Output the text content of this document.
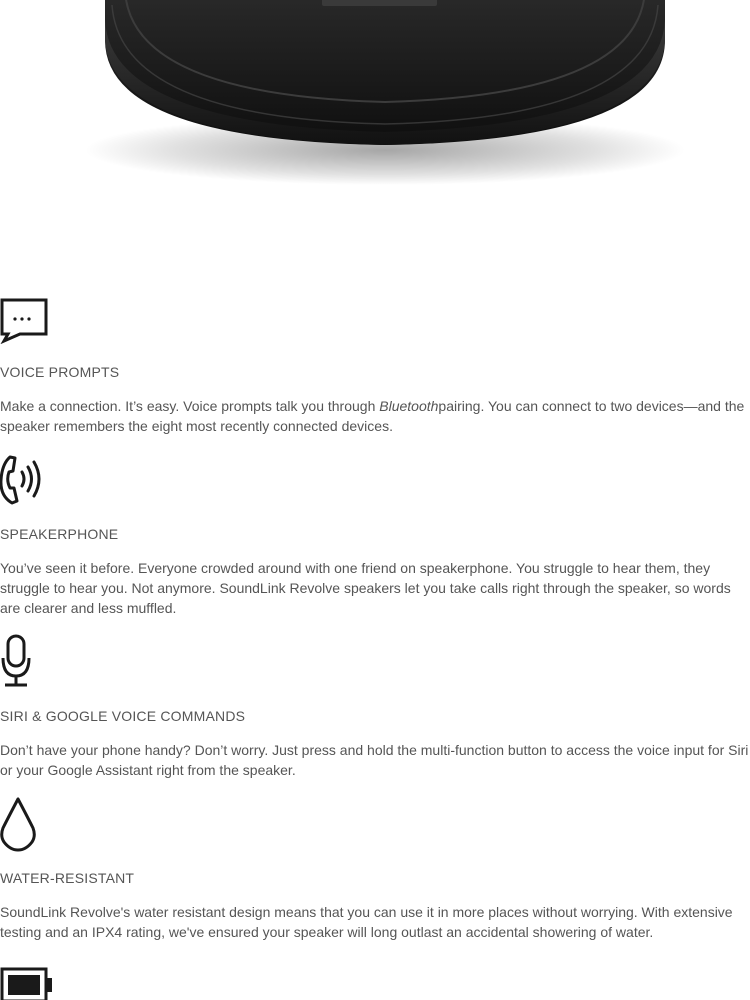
VOICE PROMPTS

Make a connection. It’s easy. Voice prompts talk you through Bluetoothpairing. You can connect to two devices—and the speaker remembers the eight most recently connected devices.

SPEAKERPHONE

You’ve seen it before. Everyone crowded around with one friend on speakerphone. You struggle to hear them, they struggle to hear you. Not anymore. SoundLink Revolve speakers let you take calls right through the speaker, so words are clearer and less muffled.

SIRI & GOOGLE VOICE COMMANDS

Don’t have your phone handy? Don’t worry. Just press and hold the multi-function button to access the voice input for Siri or your Google Assistant right from the speaker.

WATER-RESISTANT

SoundLink Revolve's water resistant design means that you can use it in more places without worrying. With extensive testing and an IPX4 rating, we've ensured your speaker will long outlast an accidental showering of water.
